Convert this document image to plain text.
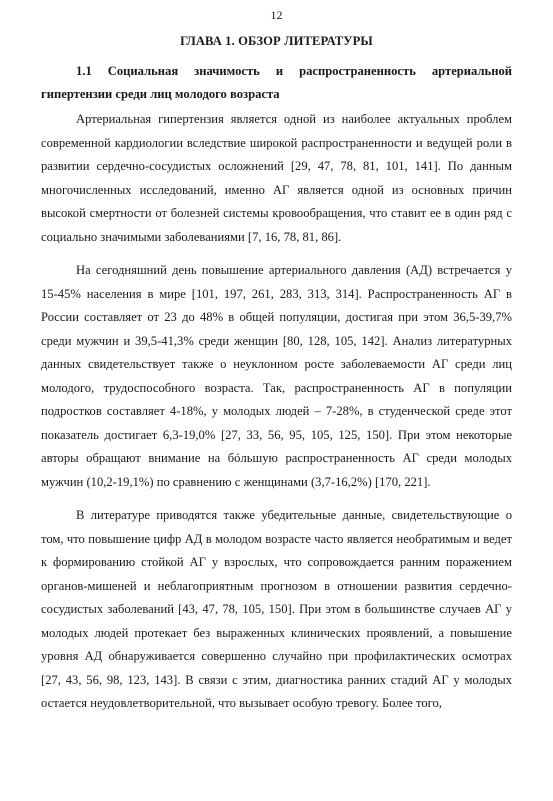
12
ГЛАВА 1. ОБЗОР ЛИТЕРАТУРЫ

1.1 Социальная значимость и распространенность артериальной гипертензии среди лиц молодого возраста

Артериальная гипертензия является одной из наиболее актуальных проблем современной кардиологии вследствие широкой распространенности и ведущей роли в развитии сердечно-сосудистых осложнений [29, 47, 78, 81, 101, 141]. По данным многочисленных исследований, именно АГ является одной из основных причин высокой смертности от болезней системы кровообращения, что ставит ее в один ряд с социально значимыми заболеваниями [7, 16, 78, 81, 86].

На сегодняшний день повышение артериального давления (АД) встречается у 15-45% населения в мире [101, 197, 261, 283, 313, 314]. Распространенность АГ в России составляет от 23 до 48% в общей популяции, достигая при этом 36,5-39,7% среди мужчин и 39,5-41,3% среди женщин [80, 128, 105, 142]. Анализ литературных данных свидетельствует также о неуклонном росте заболеваемости АГ среди лиц молодого, трудоспособного возраста. Так, распространенность АГ в популяции подростков составляет 4-18%, у молодых людей – 7-28%, в студенческой среде этот показатель достигает 6,3-19,0% [27, 33, 56, 95, 105, 125, 150]. При этом некоторые авторы обращают внимание на бóльшую распространенность АГ среди молодых мужчин (10,2-19,1%) по сравнению с женщинами (3,7-16,2%) [170, 221].

В литературе приводятся также убедительные данные, свидетельствующие о том, что повышение цифр АД в молодом возрасте часто является необратимым и ведет к формированию стойкой АГ у взрослых, что сопровождается ранним поражением органов-мишеней и неблагоприятным прогнозом в отношении развития сердечно-сосудистых заболеваний [43, 47, 78, 105, 150]. При этом в большинстве случаев АГ у молодых людей протекает без выраженных клинических проявлений, а повышение уровня АД обнаруживается совершенно случайно при профилактических осмотрах [27, 43, 56, 98, 123, 143]. В связи с этим, диагностика ранних стадий АГ у молодых остается неудовлетворительной, что вызывает особую тревогу. Более того,
